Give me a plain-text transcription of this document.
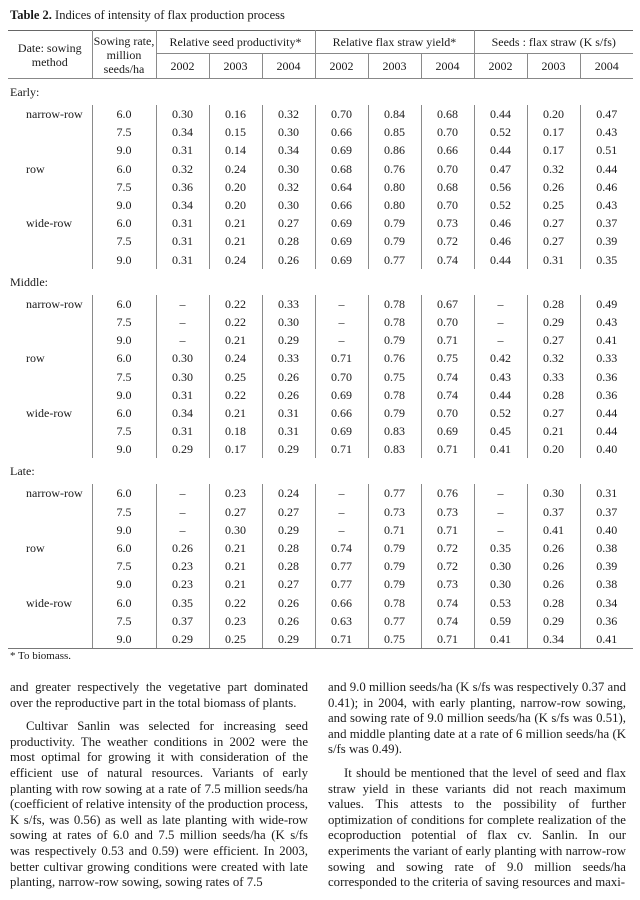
Table 2. Indices of intensity of flax production process
Date: sowing method	Sowing rate, million seeds/ha	Relative seed productivity*			Relative flax straw yield*			Seeds : flax straw (K s/fs)		
		2002	2003	2004	2002	2003	2004	2002	2003	2004
Early:										
narrow-row	6.0	0.30	0.16	0.32	0.70	0.84	0.68	0.44	0.20	0.47
	7.5	0.34	0.15	0.30	0.66	0.85	0.70	0.52	0.17	0.43
	9.0	0.31	0.14	0.34	0.69	0.86	0.66	0.44	0.17	0.51
row	6.0	0.32	0.24	0.30	0.68	0.76	0.70	0.47	0.32	0.44
	7.5	0.36	0.20	0.32	0.64	0.80	0.68	0.56	0.26	0.46
	9.0	0.34	0.20	0.30	0.66	0.80	0.70	0.52	0.25	0.43
wide-row	6.0	0.31	0.21	0.27	0.69	0.79	0.73	0.46	0.27	0.37
	7.5	0.31	0.21	0.28	0.69	0.79	0.72	0.46	0.27	0.39
	9.0	0.31	0.24	0.26	0.69	0.77	0.74	0.44	0.31	0.35
Middle:										
narrow-row	6.0	–	0.22	0.33	–	0.78	0.67	–	0.28	0.49
	7.5	–	0.22	0.30	–	0.78	0.70	–	0.29	0.43
	9.0	–	0.21	0.29	–	0.79	0.71	–	0.27	0.41
row	6.0	0.30	0.24	0.33	0.71	0.76	0.75	0.42	0.32	0.33
	7.5	0.30	0.25	0.26	0.70	0.75	0.74	0.43	0.33	0.36
	9.0	0.31	0.22	0.26	0.69	0.78	0.74	0.44	0.28	0.36
wide-row	6.0	0.34	0.21	0.31	0.66	0.79	0.70	0.52	0.27	0.44
	7.5	0.31	0.18	0.31	0.69	0.83	0.69	0.45	0.21	0.44
	9.0	0.29	0.17	0.29	0.71	0.83	0.71	0.41	0.20	0.40
Late:										
narrow-row	6.0	–	0.23	0.24	–	0.77	0.76	–	0.30	0.31
	7.5	–	0.27	0.27	–	0.73	0.73	–	0.37	0.37
	9.0	–	0.30	0.29	–	0.71	0.71	–	0.41	0.40
row	6.0	0.26	0.21	0.28	0.74	0.79	0.72	0.35	0.26	0.38
	7.5	0.23	0.21	0.28	0.77	0.79	0.72	0.30	0.26	0.39
	9.0	0.23	0.21	0.27	0.77	0.79	0.73	0.30	0.26	0.38
wide-row	6.0	0.35	0.22	0.26	0.66	0.78	0.74	0.53	0.28	0.34
	7.5	0.37	0.23	0.26	0.63	0.77	0.74	0.59	0.29	0.36
	9.0	0.29	0.25	0.29	0.71	0.75	0.71	0.41	0.34	0.41
* To biomass.

and greater respectively the vegetative part dominated over the reproductive part in the total biomass of plants.

Cultivar Sanlin was selected for increasing seed productivity. The weather conditions in 2002 were the most optimal for growing it with consideration of the efficient use of natural resources. Variants of early planting with row sowing at a rate of 7.5 million seeds/ha (coefficient of relative intensity of the production process, K s/fs, was 0.56) as well as late planting with wide-row sowing at rates of 6.0 and 7.5 million seeds/ha (K s/fs was respectively 0.53 and 0.59) were efficient. In 2003, better cultivar growing conditions were created with late planting, narrow-row sowing, sowing rates of 7.5

and 9.0 million seeds/ha (K s/fs was respectively 0.37 and 0.41); in 2004, with early planting, narrow-row sowing, and sowing rate of 9.0 million seeds/ha (K s/fs was 0.51), and middle planting date at a rate of 6 million seeds/ha (K s/fs was 0.49).

It should be mentioned that the level of seed and flax straw yield in these variants did not reach maximum values. This attests to the possibility of further optimization of conditions for complete realization of the ecoproduction potential of flax cv. Sanlin. In our experiments the variant of early planting with narrow-row sowing and sowing rate of 9.0 million seeds/ha corresponded to the criteria of saving resources and maxi-
